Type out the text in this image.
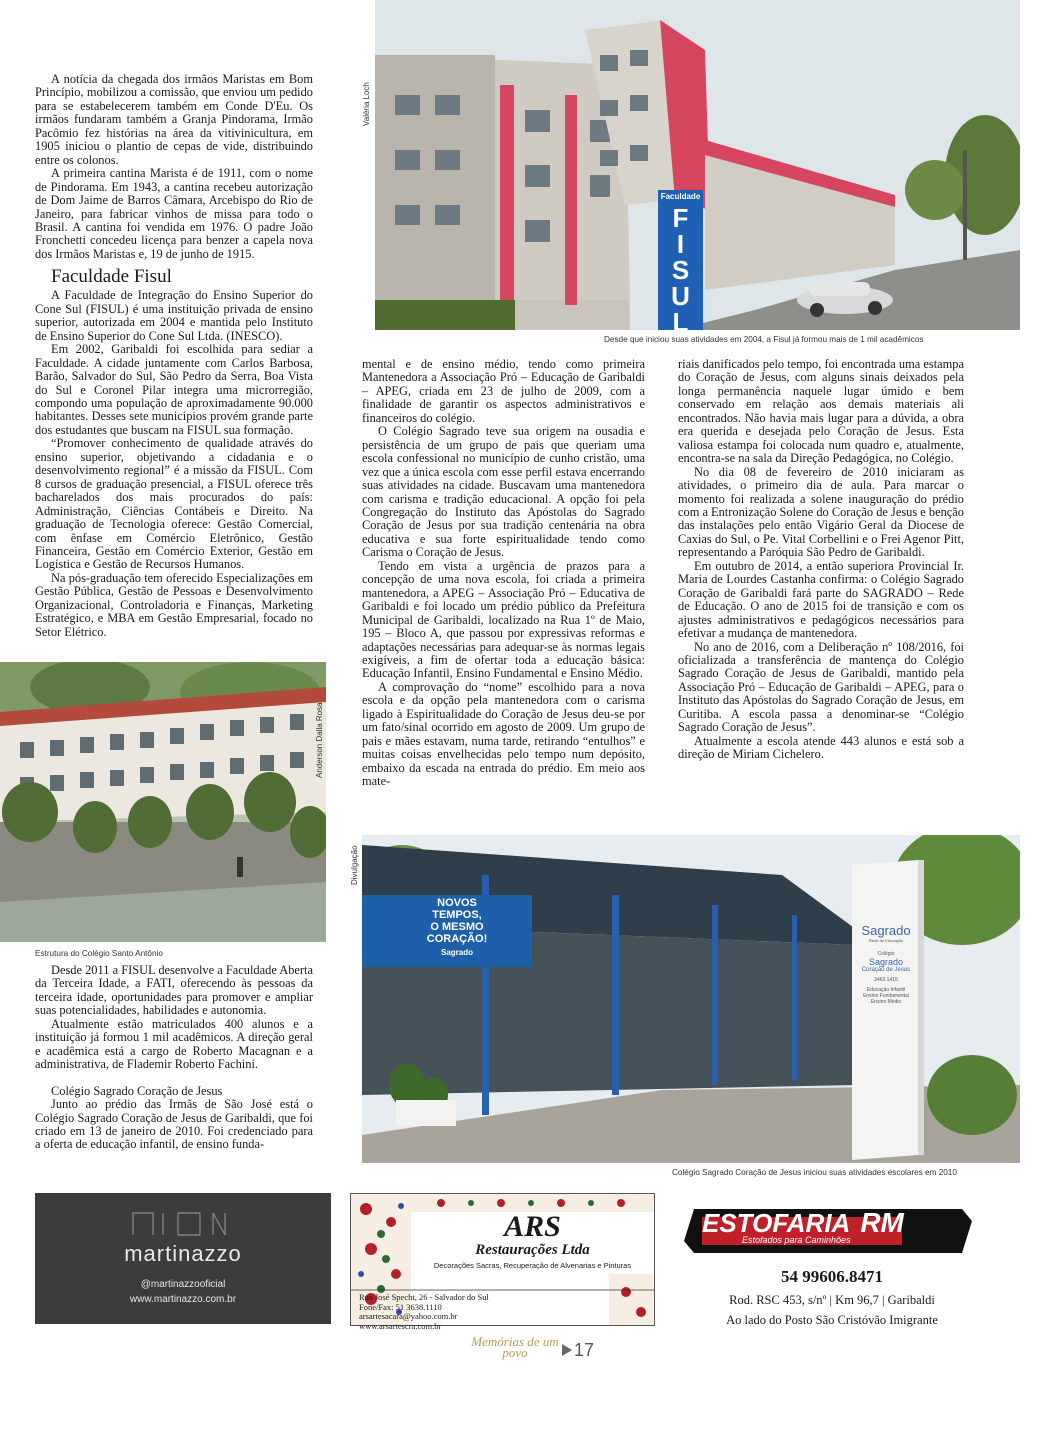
A notícia da chegada dos irmãos Maristas em Bom Princípio, mobilizou a comissão, que enviou um pedido para se estabelecerem também em Conde D'Eu. Os irmãos fundaram também a Granja Pindorama, Irmão Pacômio fez histórias na área da vitivinicultura, em 1905 iniciou o plantio de cepas de vide, distribuindo entre os colonos.

A primeira cantina Marista é de 1911, com o nome de Pindorama. Em 1943, a cantina recebeu autorização de Dom Jaime de Barros Câmara, Arcebispo do Rio de Janeiro, para fabricar vinhos de missa para todo o Brasil. A cantina foi vendida em 1976. O padre João Fronchetti concedeu licença para benzer a capela nova dos Irmãos Maristas e, 19 de junho de 1915.

Faculdade Fisul

A Faculdade de Integração do Ensino Superior do Cone Sul (FISUL) é uma instituição privada de ensino superior, autorizada em 2004 e mantida pelo Instituto de Ensino Superior do Cone Sul Ltda. (INESCO).

Em 2002, Garibaldi foi escolhida para sediar a Faculdade. A cidade juntamente com Carlos Barbosa, Barão, Salvador do Sul, São Pedro da Serra, Boa Vista do Sul e Coronel Pilar integra uma microrregião, compondo uma população de aproximadamente 90.000 habitantes. Desses sete municípios provém grande parte dos estudantes que buscam na FISUL sua formação.

“Promover conhecimento de qualidade através do ensino superior, objetivando a cidadania e o desenvolvimento regional” é a missão da FISUL. Com 8 cursos de graduação presencial, a FISUL oferece três bacharelados dos mais procurados do país: Administração, Ciências Contábeis e Direito. Na graduação de Tecnologia oferece: Gestão Comercial, com ênfase em Comércio Eletrônico, Gestão Financeira, Gestão em Comércio Exterior, Gestão em Logística e Gestão de Recursos Humanos.

Na pós-graduação tem oferecido Especializações em Gestão Pública, Gestão de Pessoas e Desenvolvimento Organizacional, Controladoria e Finanças, Marketing Estratégico, e MBA em Gestão Empresarial, focado no Setor Elétrico.

Faculdade
FISUL
Valéria Loch
Desde que iniciou suas atividades em 2004, a Fisul já formou mais de 1 mil acadêmicos

mental e de ensino médio, tendo como primeira Mantenedora a Associação Pró – Educação de Garibaldi – APEG, criada em 23 de julho de 2009, com a finalidade de garantir os aspectos administrativos e financeiros do colégio.

O Colégio Sagrado teve sua origem na ousadia e persistência de um grupo de pais que queriam uma escola confessional no município de cunho cristão, uma vez que a única escola com esse perfil estava encerrando suas atividades na cidade. Buscavam uma mantenedora com carisma e tradição educacional. A opção foi pela Congregação do Instituto das Apóstolas do Sagrado Coração de Jesus por sua tradição centenária na obra educativa e sua forte espiritualidade tendo como Carisma o Coração de Jesus.

Tendo em vista a urgência de prazos para a concepção de uma nova escola, foi criada a primeira mantenedora, a APEG – Associação Pró – Educativa de Garibaldi e foi locado um prédio público da Prefeitura Municipal de Garibaldi, localizado na Rua 1º de Maio, 195 – Bloco A, que passou por expressivas reformas e adaptações necessárias para adequar-se às normas legais exigíveis, a fim de ofertar toda a educação básica: Educação Infantil, Ensino Fundamental e Ensino Médio.

A comprovação do “nome” escolhido para a nova escola e da opção pela mantenedora com o carisma ligado à Espiritualidade do Coração de Jesus deu-se por um fato/sinal ocorrido em agosto de 2009. Um grupo de pais e mães estavam, numa tarde, retirando “entulhos” e muitas coisas envelhecidas pelo tempo num depósito, embaixo da escada na entrada do prédio. Em meio aos mate-

riais danificados pelo tempo, foi encontrada uma estampa do Coração de Jesus, com alguns sinais deixados pela longa permanência naquele lugar úmido e bem conservado em relação aos demais materiais ali encontrados. Não havia mais lugar para a dúvida, a obra era querida e desejada pelo Coração de Jesus. Esta valiosa estampa foi colocada num quadro e, atualmente, encontra-se na sala da Direção Pedagógica, no Colégio.

No dia 08 de fevereiro de 2010 iniciaram as atividades, o primeiro dia de aula. Para marcar o momento foi realizada a solene inauguração do prédio com a Entronização Solene do Coração de Jesus e benção das instalações pelo então Vigário Geral da Diocese de Caxias do Sul, o Pe. Vital Corbellini e o Frei Agenor Pitt, representando a Paróquia São Pedro de Garibaldi.

Em outubro de 2014, a então superiora Provincial Ir. Maria de Lourdes Castanha confirma: o Colégio Sagrado Coração de Garibaldi fará parte do SAGRADO – Rede de Educação. O ano de 2015 foi de transição e com os ajustes administrativos e pedagógicos necessários para efetivar a mudança de mantenedora.

No ano de 2016, com a Deliberação nº 108/2016, foi oficializada a transferência de mantença do Colégio Sagrado Coração de Jesus de Garibaldi, mantido pela Associação Pró – Educação de Garibaldi – APEG, para o Instituto das Apóstolas do Sagrado Coração de Jesus, em Curitiba. A escola passa a denominar-se “Colégio Sagrado Coração de Jesus”.

Atualmente a escola atende 443 alunos e está sob a direção de Miriam Cichelero.

Anderson Dalla Rosa
Estrutura do Colégio Santo Antônio

Desde 2011 a FISUL desenvolve a Faculdade Aberta da Terceira Idade, a FATI, oferecendo às pessoas da terceira idade, oportunidades para promover e ampliar suas potencialidades, habilidades e autonomia.

Atualmente estão matriculados 400 alunos e a instituição já formou 1 mil acadêmicos. A direção geral e acadêmica está a cargo de Roberto Macagnan e a administrativa, de Flademir Roberto Fachini.

Colégio Sagrado Coração de Jesus

Junto ao prédio das Irmãs de São José está o Colégio Sagrado Coração de Jesus de Garibaldi, que foi criado em 13 de janeiro de 2010. Foi credenciado para a oferta de educação infantil, de ensino funda-

NOVOS
TEMPOS,
O MESMO
CORAÇÃO!
Sagrado
Sagrado
Rede de Educação
Colégio
Sagrado
Coração de Jesus
3462.1415
Educação Infantil
Ensino Fundamental
Ensino Médio
Divulgação
Colégio Sagrado Coração de Jesus iniciou suas atividades escolares em 2010
martinazzo
@martinazzooficial
www.martinazzo.com.br
ARS
Restaurações Ltda
Decorações Sacras, Recuperação de Alvenarias e Pinturas
Rua José Specht, 26 - Salvador do Sul
Fone/Fax: 51 3638.1110
arsartesacara@yahoo.com.br
www.arsartescra.com.br
ESTOFARIA RM
Estofados para Caminhões
54 99606.8471
Rod. RSC 453, s/nº | Km 96,7 | Garibaldi
Ao lado do Posto São Cristóvão Imigrante
Memórias de um povo	17
